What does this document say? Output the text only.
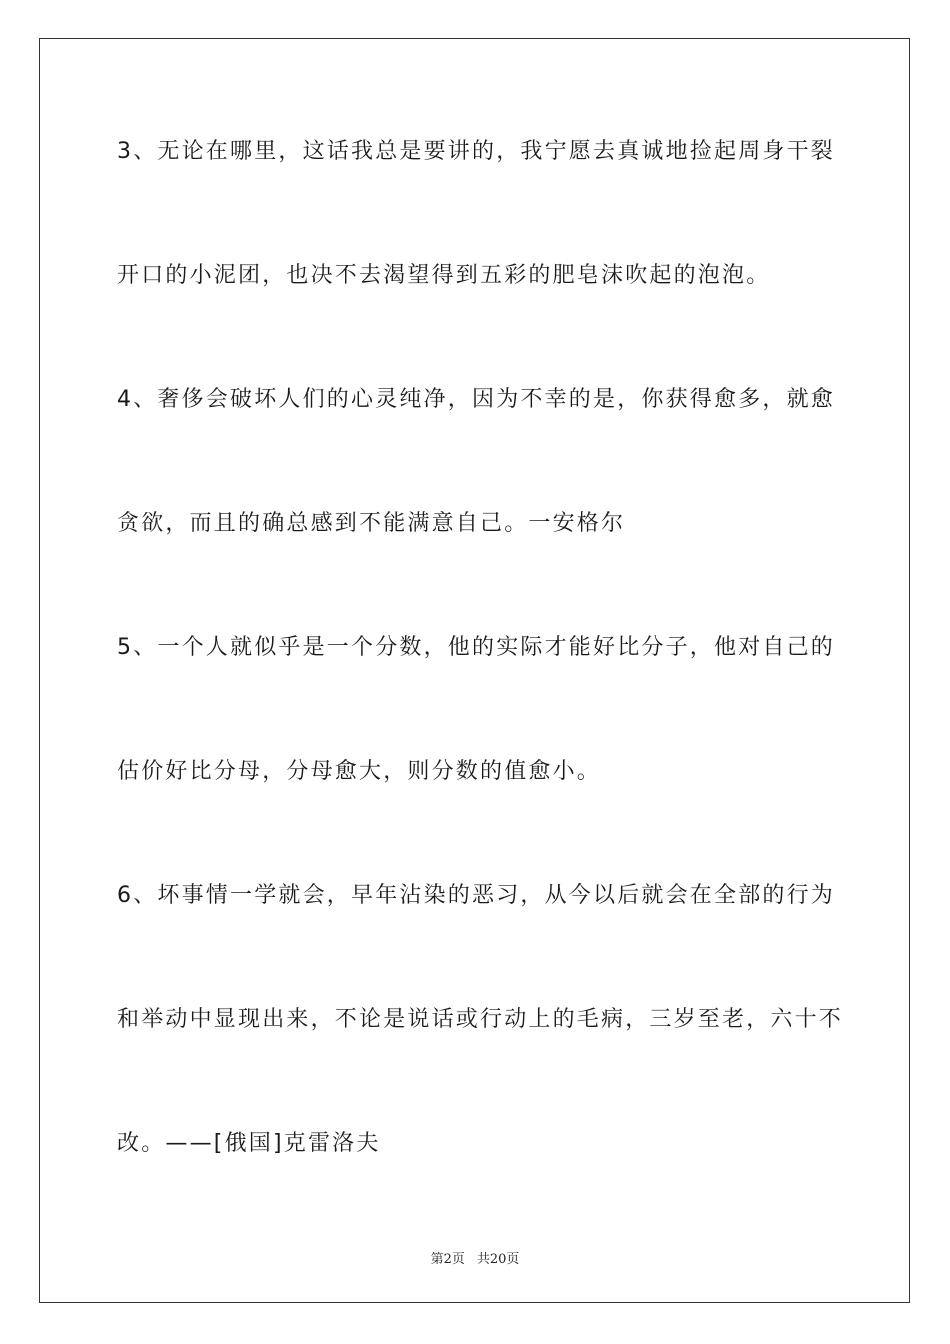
3、无论在哪里，这话我总是要讲的，我宁愿去真诚地捡起周身干裂
开口的小泥团，也决不去渴望得到五彩的肥皂沫吹起的泡泡。
4、奢侈会破坏人们的心灵纯净，因为不幸的是，你获得愈多，就愈
贪欲，而且的确总感到不能满意自己。一安格尔
5、一个人就似乎是一个分数，他的实际才能好比分子，他对自己的
估价好比分母，分母愈大，则分数的值愈小。
6、坏事情一学就会，早年沾染的恶习，从今以后就会在全部的行为
和举动中显现出来，不论是说话或行动上的毛病，三岁至老，六十不
改。——[俄国]克雷洛夫
第2页 共20页
